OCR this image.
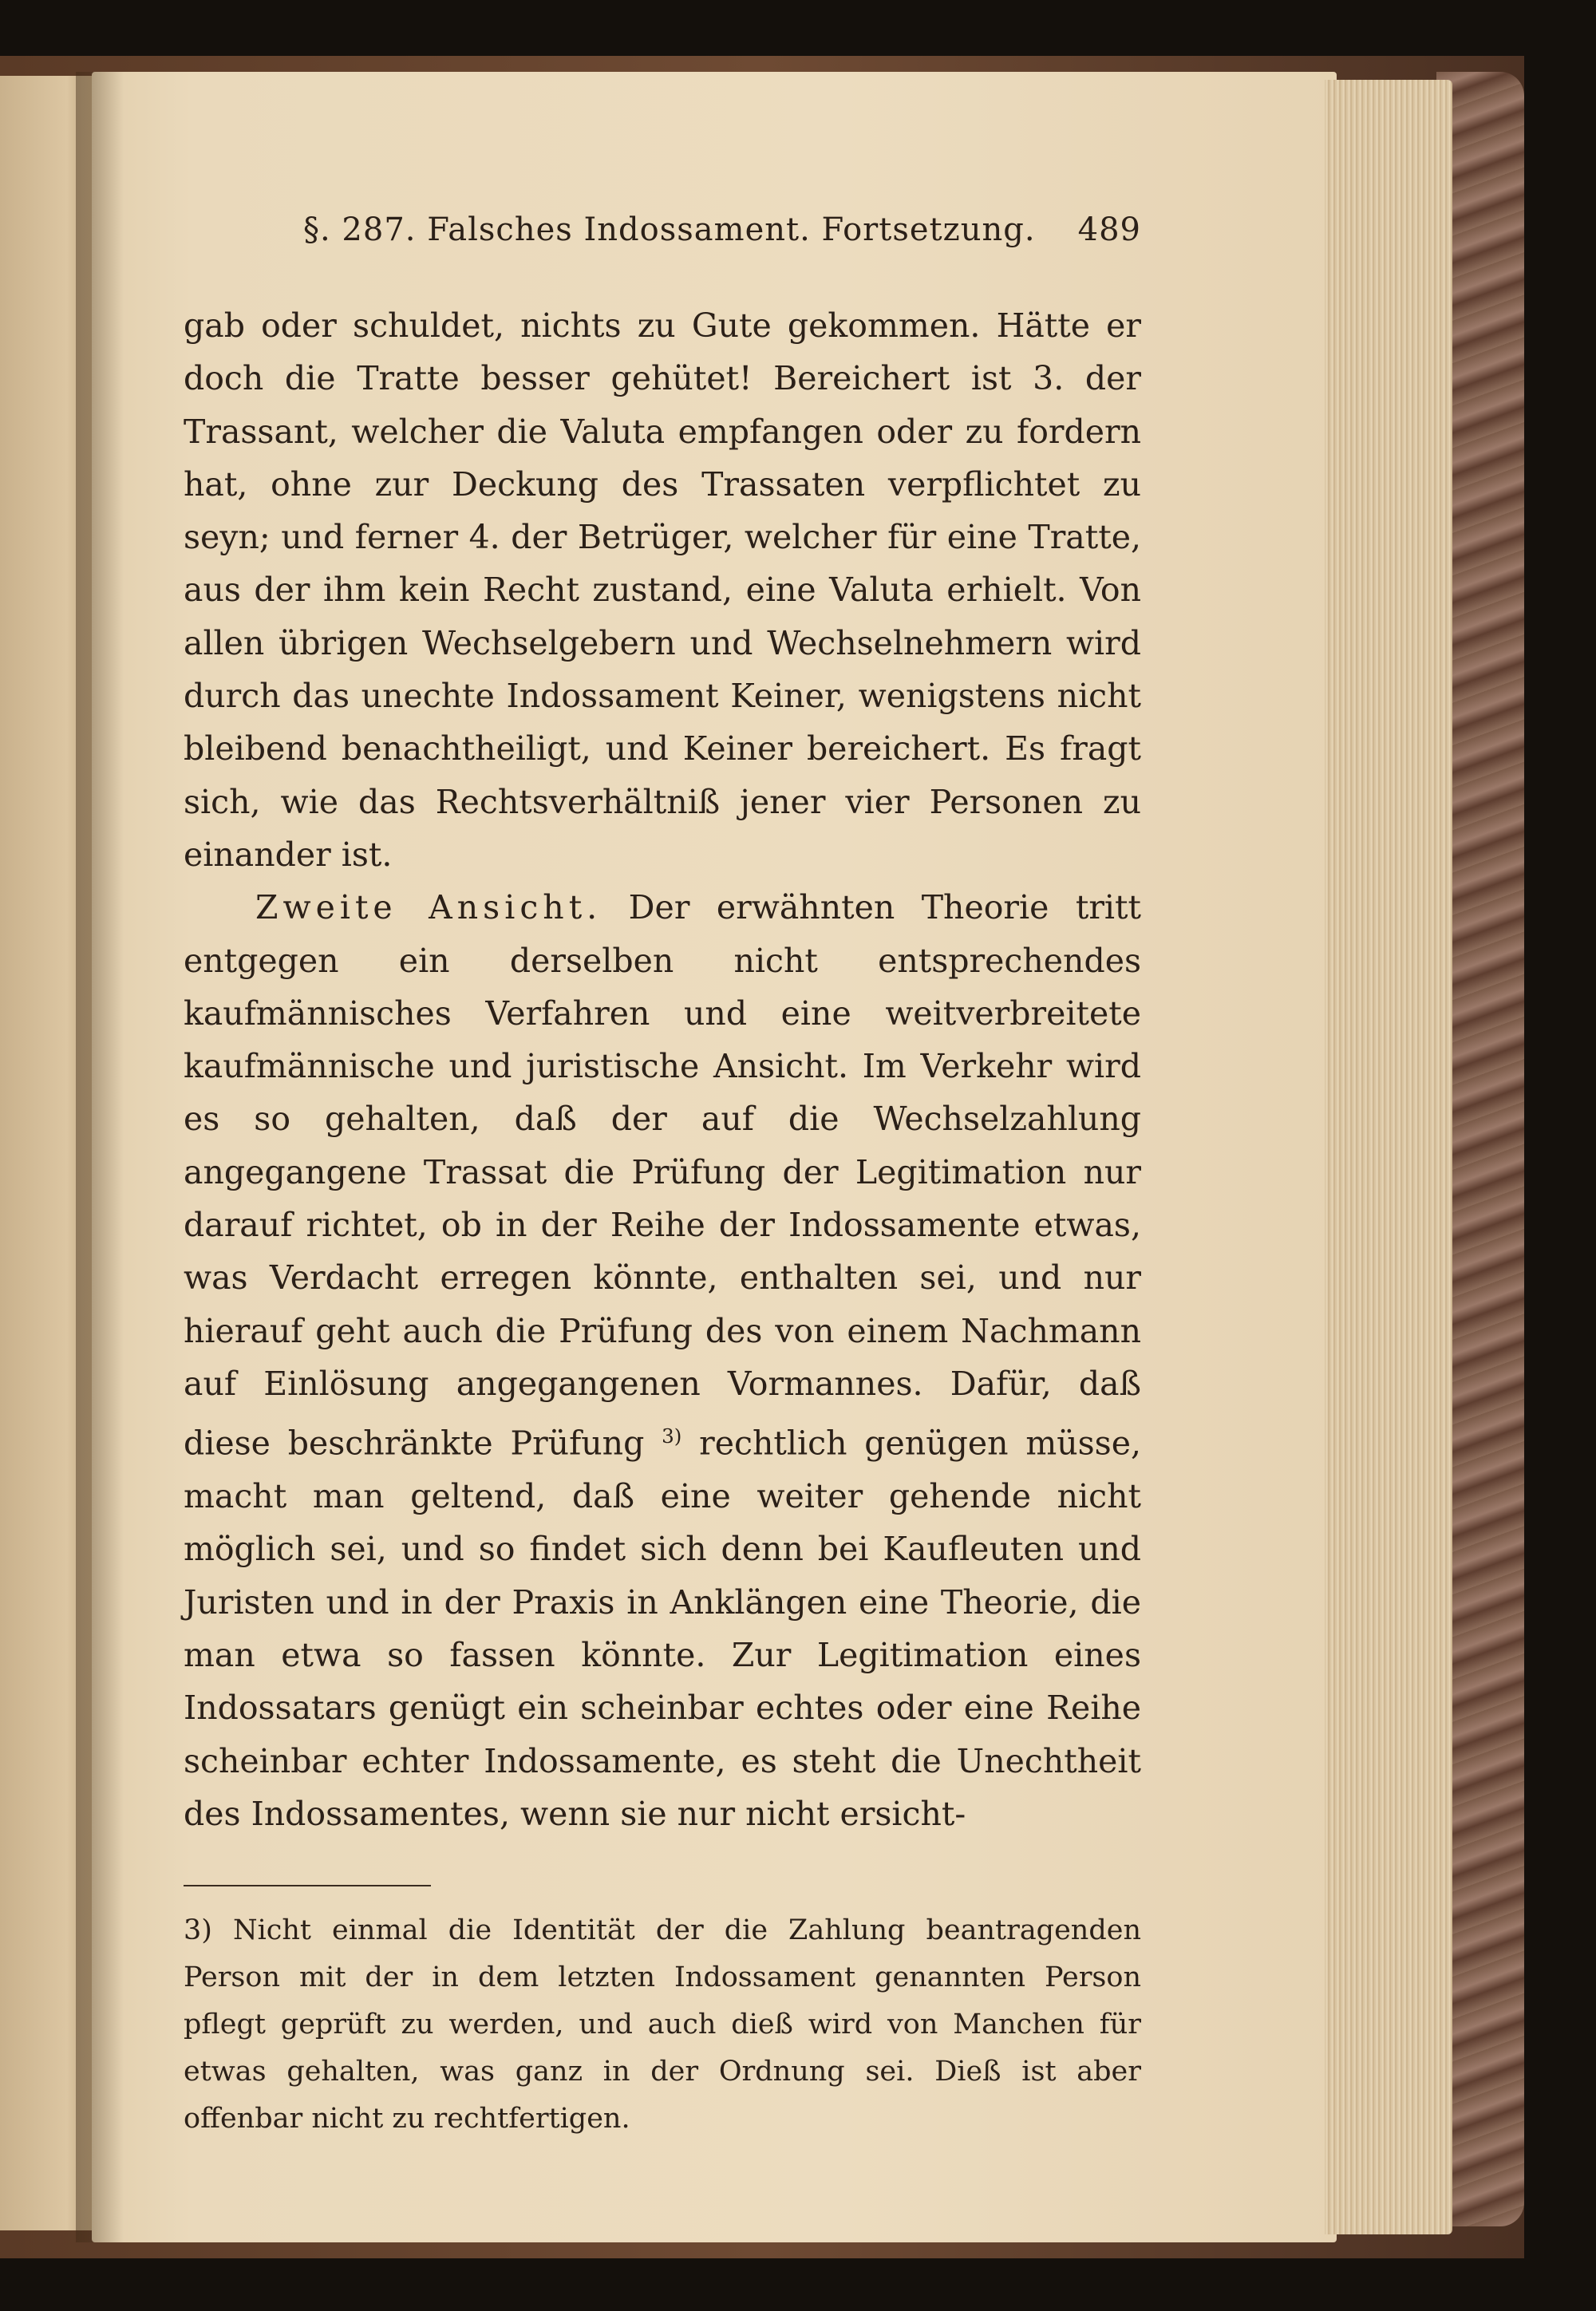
§. 287. Falsches Indossament. Fortsetzung. 489

gab oder schuldet, nichts zu Gute gekommen. Hätte er doch die Tratte besser gehütet! Bereichert ist 3. der Trassant, welcher die Valuta empfangen oder zu fordern hat, ohne zur Deckung des Trassaten verpflichtet zu seyn; und ferner 4. der Betrüger, welcher für eine Tratte, aus der ihm kein Recht zustand, eine Valuta erhielt. Von allen übrigen Wechselgebern und Wechselnehmern wird durch das unechte Indossament Keiner, wenigstens nicht bleibend benachtheiligt, und Keiner bereichert. Es fragt sich, wie das Rechtsverhältniß jener vier Personen zu einander ist.

Zweite Ansicht. Der erwähnten Theorie tritt entgegen ein derselben nicht entsprechendes kaufmännisches Verfahren und eine weitverbreitete kaufmännische und juristische Ansicht. Im Verkehr wird es so gehalten, daß der auf die Wechselzahlung angegangene Trassat die Prüfung der Legitimation nur darauf richtet, ob in der Reihe der Indossamente etwas, was Verdacht erregen könnte, enthalten sei, und nur hierauf geht auch die Prüfung des von einem Nachmann auf Einlösung angegangenen Vormannes. Dafür, daß diese beschränkte Prüfung $^{3)}$ rechtlich genügen müsse, macht man geltend, daß eine weiter gehende nicht möglich sei, und so findet sich denn bei Kaufleuten und Juristen und in der Praxis in Anklängen eine Theorie, die man etwa so fassen könnte. Zur Legitimation eines Indossatars genügt ein scheinbar echtes oder eine Reihe scheinbar echter Indossamente, es steht die Unechtheit des Indossamentes, wenn sie nur nicht ersicht-

3) Nicht einmal die Identität der die Zahlung beantragenden Person mit der in dem letzten Indossament genannten Person pflegt geprüft zu werden, und auch dieß wird von Manchen für etwas gehalten, was ganz in der Ordnung sei. Dieß ist aber offenbar nicht zu rechtfertigen.
